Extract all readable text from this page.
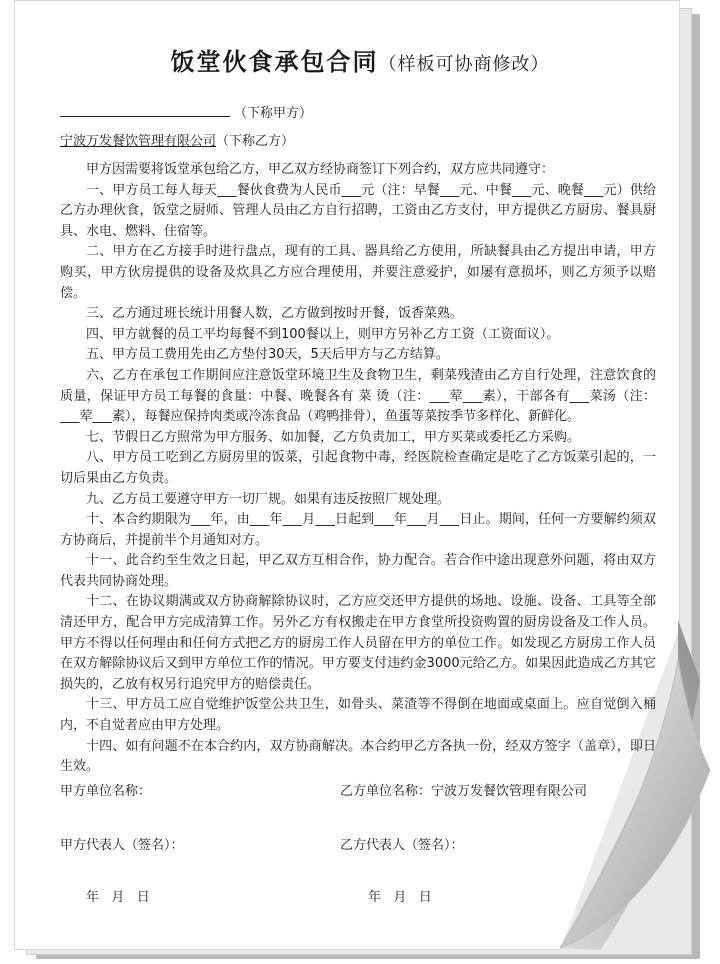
饭堂伙食承包合同（样板可协商修改）
（下称甲方）
宁波万发餐饮管理有限公司（下称乙方）

甲方因需要将饭堂承包给乙方，甲乙双方经协商签订下列合约，双方应共同遵守：

一、甲方员工每人每天___餐伙食费为人民币___元（注：早餐___元、中餐___元、晚餐___元）供给乙方办理伙食，饭堂之厨师、管理人员由乙方自行招聘，工资由乙方支付，甲方提供乙方厨房、餐具厨具、水电、燃料、住宿等。

二、甲方在乙方接手时进行盘点，现有的工具、器具给乙方使用，所缺餐具由乙方提出申请，甲方购买，甲方伙房提供的设备及炊具乙方应合理使用，并要注意爱护，如屡有意损坏，则乙方须予以赔偿。

三、乙方通过班长统计用餐人数，乙方做到按时开餐，饭香菜熟。

四、甲方就餐的员工平均每餐不到100餐以上，则甲方另补乙方工资（工资面议）。

五、甲方员工费用先由乙方垫付30天，5天后甲方与乙方结算。

六、乙方在承包工作期间应注意饭堂环境卫生及食物卫生，剩菜残渣由乙方自行处理，注意饮食的质量，保证甲方员工每餐的食量：中餐、晚餐各有 菜 烫（注：___荤___素），干部各有___菜汤（注：___荤___素），每餐应保持肉类或冷冻食品（鸡鸭排骨），鱼蛋等菜按季节多样化、新鲜化。

七、节假日乙方照常为甲方服务、如加餐，乙方负责加工，甲方买菜或委托乙方采购。

八、甲方员工吃到乙方厨房里的饭菜，引起食物中毒，经医院检查确定是吃了乙方饭菜引起的，一切后果由乙方负责。

九、乙方员工要遵守甲方一切厂规。如果有违反按照厂规处理。

十、本合约期限为___年，由___年___月___日起到___年___月___日止。期间，任何一方要解约须双方协商后，并提前半个月通知对方。

十一、此合约至生效之日起，甲乙双方互相合作，协力配合。若合作中途出现意外问题，将由双方代表共同协商处理。

十二、在协议期满或双方协商解除协议时，乙方应交还甲方提供的场地、设施、设备、工具等全部清还甲方，配合甲方完成清算工作。另外乙方有权搬走在甲方食堂所投资购置的厨房设备及工作人员。甲方不得以任何理由和任何方式把乙方的厨房工作人员留在甲方的单位工作。如发现乙方厨房工作人员在双方解除协议后又到甲方单位工作的情况。甲方要支付违约金3000元给乙方。如果因此造成乙方其它损失的，乙放有权另行追究甲方的赔偿责任。

十三、甲方员工应自觉维护饭堂公共卫生，如骨头、菜渣等不得倒在地面或桌面上。应自觉倒入桶内，不自觉者应由甲方处理。

十四、如有问题不在本合约内，双方协商解决。本合约甲乙方各执一份，经双方签字（盖章），即日生效。

甲方单位名称：	乙方单位名称：宁波万发餐饮管理有限公司
甲方代表人（签名）：	乙方代表人（签名）：
年   月   日	年   月   日
